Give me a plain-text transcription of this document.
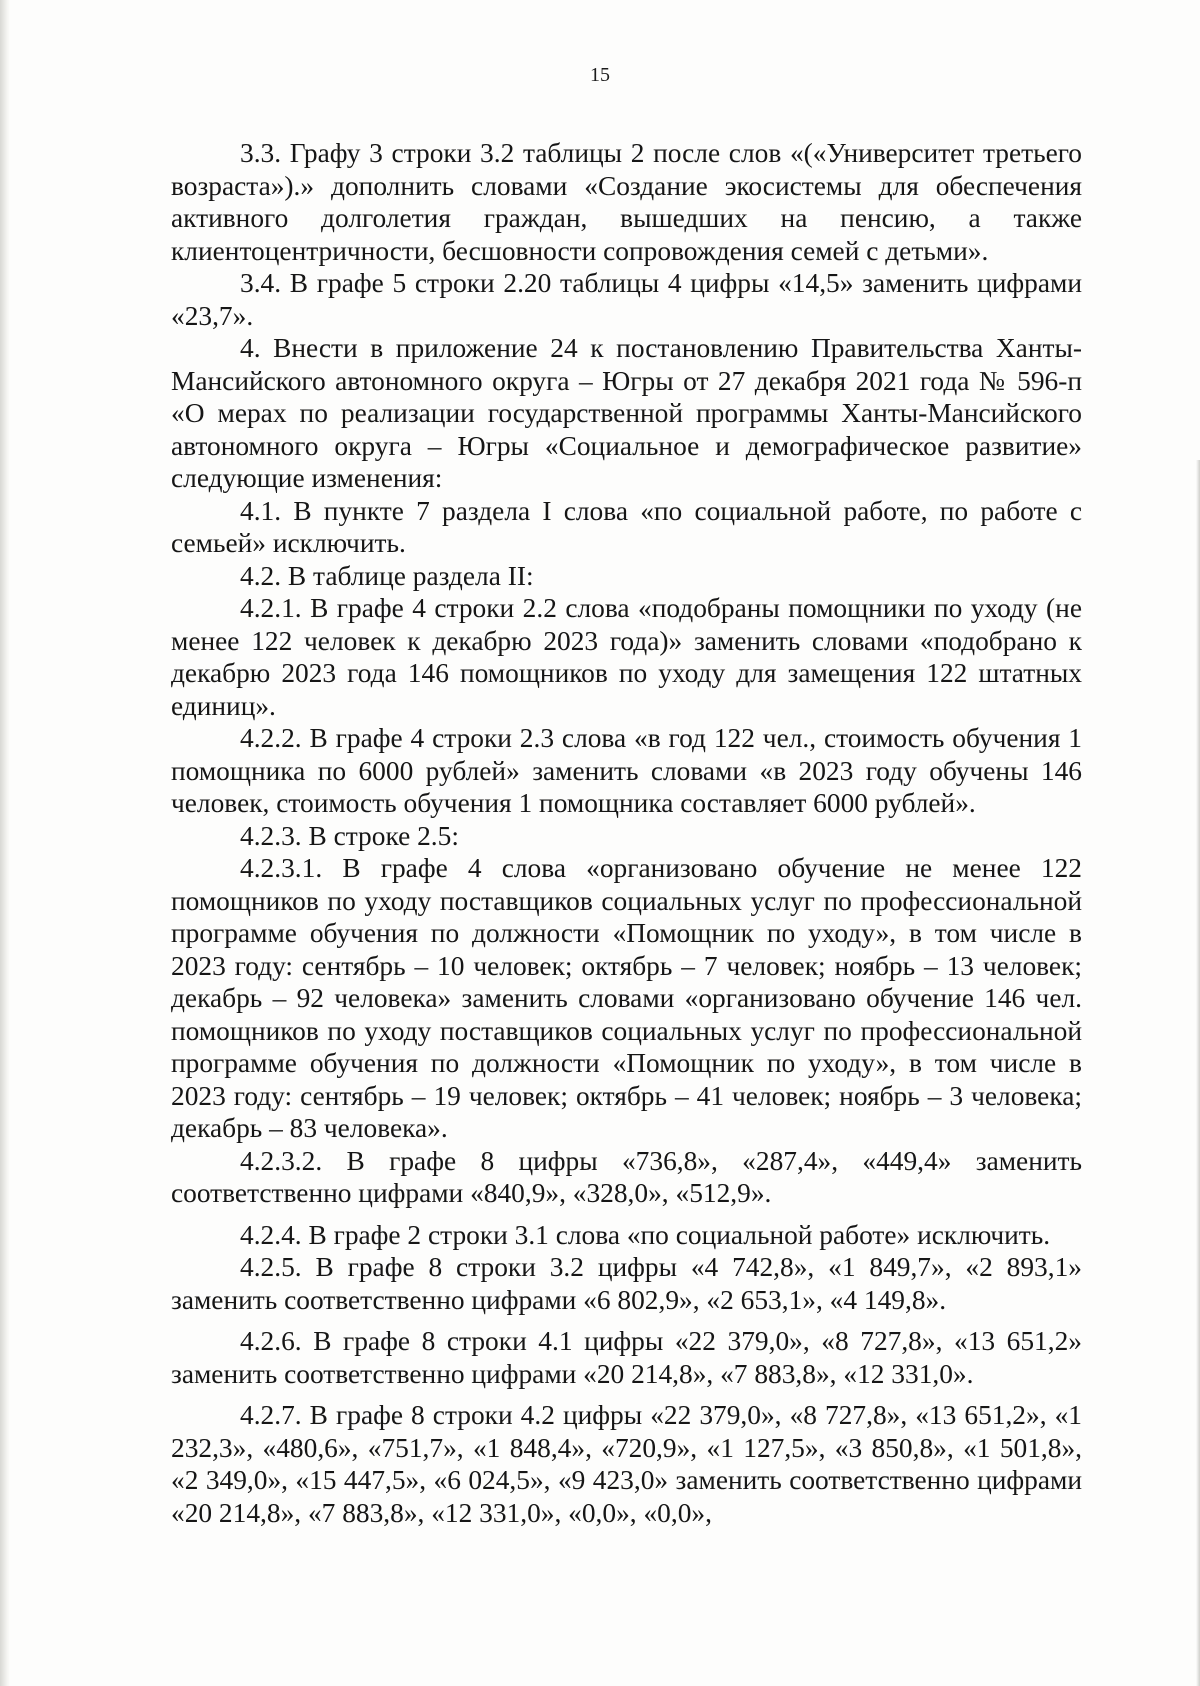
15

3.3. Графу 3 строки 3.2 таблицы 2 после слов «(«Университет третьего возраста»).» дополнить словами «Создание экосистемы для обеспечения активного долголетия граждан, вышедших на пенсию, а также клиентоцентричности, бесшовности сопровождения семей с детьми».

3.4. В графе 5 строки 2.20 таблицы 4 цифры «14,5» заменить цифрами «23,7».

4. Внести в приложение 24 к постановлению Правительства Ханты-Мансийского автономного округа – Югры от 27 декабря 2021 года № 596-п «О мерах по реализации государственной программы Ханты-Мансийского автономного округа – Югры «Социальное и демографическое развитие» следующие изменения:

4.1. В пункте 7 раздела I слова «по социальной работе, по работе с семьей» исключить.

4.2. В таблице раздела II:

4.2.1. В графе 4 строки 2.2 слова «подобраны помощники по уходу (не менее 122 человек к декабрю 2023 года)» заменить словами «подобрано к декабрю 2023 года 146 помощников по уходу для замещения 122 штатных единиц».

4.2.2. В графе 4 строки 2.3 слова «в год 122 чел., стоимость обучения 1 помощника по 6000 рублей» заменить словами «в 2023 году обучены 146 человек, стоимость обучения 1 помощника составляет 6000 рублей».

4.2.3. В строке 2.5:

4.2.3.1. В графе 4 слова «организовано обучение не менее 122 помощников по уходу поставщиков социальных услуг по профессиональной программе обучения по должности «Помощник по уходу», в том числе в 2023 году: сентябрь – 10 человек; октябрь – 7 человек; ноябрь – 13 человек; декабрь – 92 человека» заменить словами «организовано обучение 146 чел. помощников по уходу поставщиков социальных услуг по профессиональной программе обучения по должности «Помощник по уходу», в том числе в 2023 году: сентябрь – 19 человек; октябрь – 41 человек; ноябрь – 3 человека; декабрь – 83 человека».

4.2.3.2. В графе 8 цифры «736,8», «287,4», «449,4» заменить соответственно цифрами «840,9», «328,0», «512,9».

4.2.4. В графе 2 строки 3.1 слова «по социальной работе» исключить.

4.2.5. В графе 8 строки 3.2 цифры «4 742,8», «1 849,7», «2 893,1» заменить соответственно цифрами «6 802,9», «2 653,1», «4 149,8».

4.2.6. В графе 8 строки 4.1 цифры «22 379,0», «8 727,8», «13 651,2» заменить соответственно цифрами «20 214,8», «7 883,8», «12 331,0».

4.2.7. В графе 8 строки 4.2 цифры «22 379,0», «8 727,8», «13 651,2», «1 232,3», «480,6», «751,7», «1 848,4», «720,9», «1 127,5», «3 850,8», «1 501,8», «2 349,0», «15 447,5», «6 024,5», «9 423,0» заменить соответственно цифрами «20 214,8», «7 883,8», «12 331,0», «0,0», «0,0»,
